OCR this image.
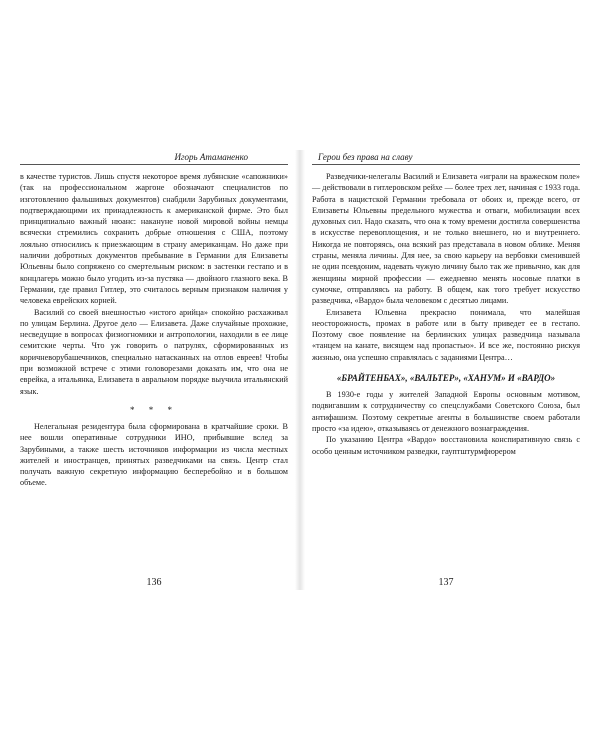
Игорь Атаманенко

в качестве туристов. Лишь спустя некоторое время лубянские «сапожники» (так на профессиональном жаргоне обозначают специалистов по изготовлению фальшивых документов) снабдили Зарубиных документами, подтверждающими их принадлежность к американской фирме. Это был принципиально важный нюанс: накануне новой мировой войны немцы всячески стремились сохранить добрые отношения с США, поэтому лояльно относились к приезжающим в страну американцам. Но даже при наличии добротных документов пребывание в Германии для Елизаветы Юльевны было сопряжено со смертельным риском: в застенки гестапо и в концлагерь можно было угодить из-за пустяка — двойного глазного века. В Германии, где правил Гитлер, это считалось верным признаком наличия у человека еврейских корней.

Василий со своей внешностью «истого арийца» спокойно расхаживал по улицам Берлина. Другое дело — Елизавета. Даже случайные прохожие, несведущие в вопросах физиогномики и антропологии, находили в ее лице семитские черты. Что уж говорить о патрулях, сформированных из коричневорубашечников, специально натасканных на отлов евреев! Чтобы при возможной встрече с этими головорезами доказать им, что она не еврейка, а итальянка, Елизавета в авральном порядке выучила итальянский язык.

* * *

Нелегальная резидентура была сформирована в кратчайшие сроки. В нее вошли оперативные сотрудники ИНО, прибывшие вслед за Зарубиными, а также шесть источников информации из числа местных жителей и иностранцев, принятых разведчиками на связь. Центр стал получать важную секретную информацию бесперебойно и в большом объеме.

136
Герои без права на славу

Разведчики-нелегалы Василий и Елизавета «играли на вражеском поле» — действовали в гитлеровском рейхе — более трех лет, начиная с 1933 года. Работа в нацистской Германии требовала от обоих и, прежде всего, от Елизаветы Юльевны предельного мужества и отваги, мобилизации всех духовных сил. Надо сказать, что она к тому времени достигла совершенства в искусстве перевоплощения, и не только внешнего, но и внутреннего. Никогда не повторяясь, она всякий раз представала в новом облике. Меняя страны, меняла личины. Для нее, за свою карьеру на вербовки сменившей не один псевдоним, надевать чужую личину было так же привычно, как для женщины мирной профессии — ежедневно менять носовые платки в сумочке, отправляясь на работу. В общем, как того требует искусство разведчика, «Вардо» была человеком с десятью лицами.

Елизавета Юльевна прекрасно понимала, что малейшая неосторожность, промах в работе или в быту приведет ее в гестапо. Поэтому свое появление на берлинских улицах разведчица называла «танцем на канате, висящем над пропастью». И все же, постоянно рискуя жизнью, она успешно справлялась с заданиями Центра…

«БРАЙТЕНБАХ», «ВАЛЬТЕР», «ХАНУМ» И «ВАРДО»

В 1930-е годы у жителей Западной Европы основным мотивом, подвигавшим к сотрудничеству со спецслужбами Советского Союза, был антифашизм. Поэтому секретные агенты в большинстве своем работали просто «за идею», отказываясь от денежного вознаграждения.

По указанию Центра «Вардо» восстановила конспиративную связь с особо ценным источником разведки, гауптштурмфюрером

137
